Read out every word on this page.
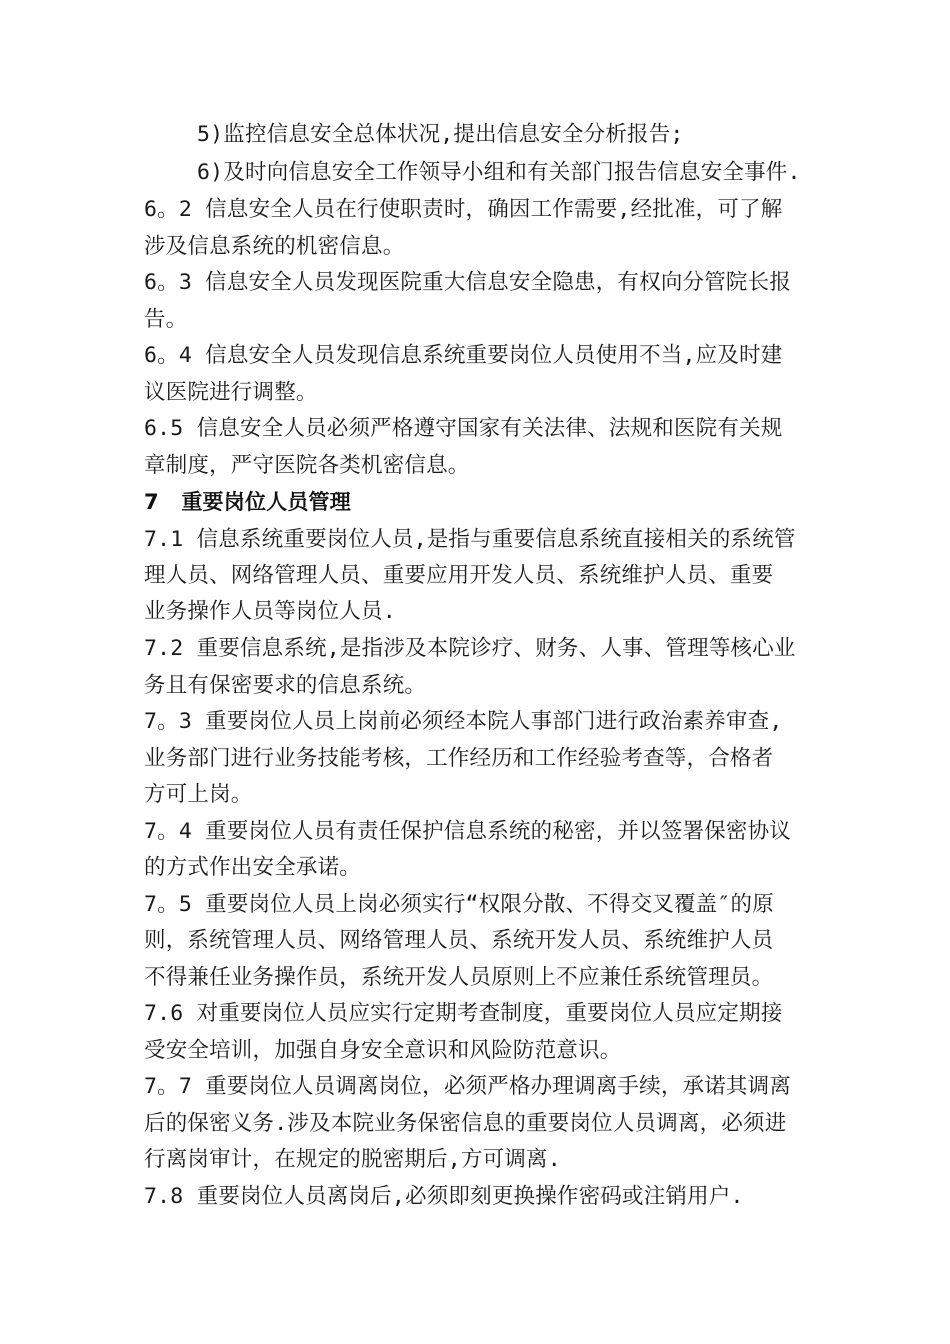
5)监控信息安全总体状况,提出信息安全分析报告;
6)及时向信息安全工作领导小组和有关部门报告信息安全事件.
6。2 信息安全人员在行使职责时，确因工作需要,经批准，可了解
涉及信息系统的机密信息。
6。3 信息安全人员发现医院重大信息安全隐患，有权向分管院长报
告。
6。4 信息安全人员发现信息系统重要岗位人员使用不当,应及时建
议医院进行调整。
6.5 信息安全人员必须严格遵守国家有关法律、法规和医院有关规
章制度，严守医院各类机密信息。
7   重要岗位人员管理
7.1 信息系统重要岗位人员,是指与重要信息系统直接相关的系统管
理人员、网络管理人员、重要应用开发人员、系统维护人员、重要
业务操作人员等岗位人员.
7.2 重要信息系统,是指涉及本院诊疗、财务、人事、管理等核心业
务且有保密要求的信息系统。
7。3 重要岗位人员上岗前必须经本院人事部门进行政治素养审查,
业务部门进行业务技能考核，工作经历和工作经验考查等，合格者
方可上岗。
7。4 重要岗位人员有责任保护信息系统的秘密，并以签署保密协议
的方式作出安全承诺。
7。5 重要岗位人员上岗必须实行“权限分散、不得交叉覆盖″的原
则，系统管理人员、网络管理人员、系统开发人员、系统维护人员
不得兼任业务操作员，系统开发人员原则上不应兼任系统管理员。
7.6 对重要岗位人员应实行定期考查制度，重要岗位人员应定期接
受安全培训，加强自身安全意识和风险防范意识。
7。7 重要岗位人员调离岗位，必须严格办理调离手续，承诺其调离
后的保密义务.涉及本院业务保密信息的重要岗位人员调离，必须进
行离岗审计，在规定的脱密期后,方可调离.
7.8 重要岗位人员离岗后,必须即刻更换操作密码或注销用户.
